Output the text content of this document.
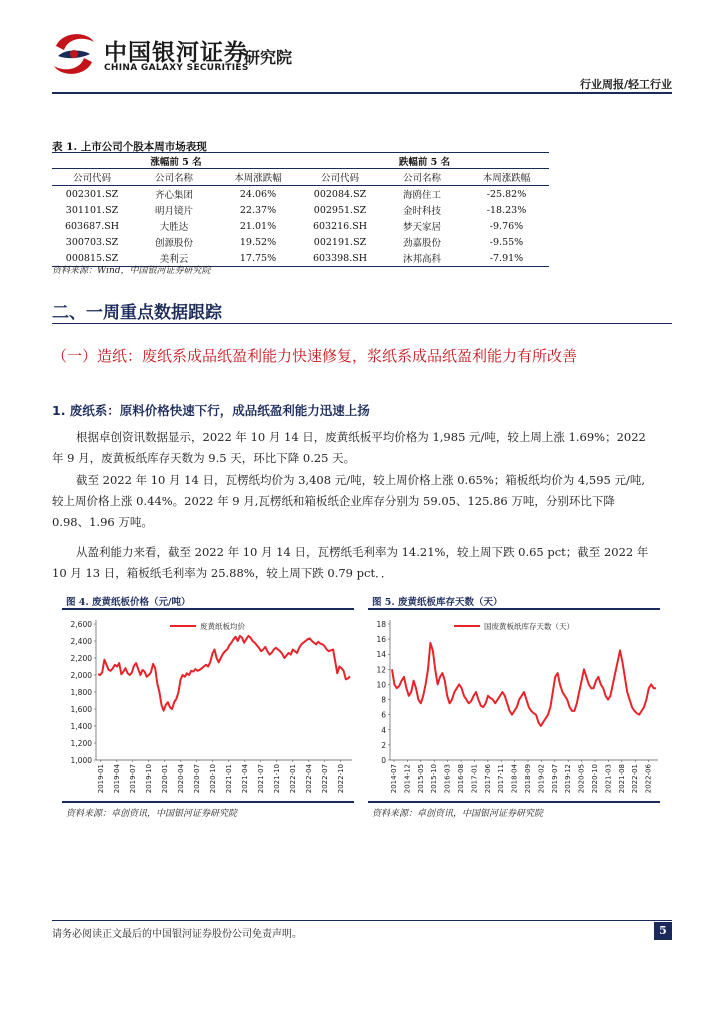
中国银河证券
CHINA GALAXY SECURITIES
研究院
行业周报/轻工行业
表 1. 上市公司个股本周市场表现
涨幅前 5 名			跌幅前 5 名		
公司代码	公司名称	本周涨跌幅	公司代码	公司名称	本周涨跌幅
002301.SZ	齐心集团	24.06%	002084.SZ	海鸥住工	-25.82%
301101.SZ	明月镜片	22.37%	002951.SZ	金时科技	-18.23%
603687.SH	大胜达	21.01%	603216.SH	梦天家居	-9.76%
300703.SZ	创源股份	19.52%	002191.SZ	劲嘉股份	-9.55%
000815.SZ	美利云	17.75%	603398.SH	沐邦高科	-7.91%
资料来源：Wind，中国银河证券研究院
二、一周重点数据跟踪
（一）造纸：废纸系成品纸盈利能力快速修复，浆纸系成品纸盈利能力有所改善
1. 废纸系：原料价格快速下行，成品纸盈利能力迅速上扬
根据卓创资讯数据显示，2022 年 10 月 14 日，废黄纸板平均价格为 1,985 元/吨，较上周上涨 1.69%；2022 年 9 月，废黄板纸库存天数为 9.5 天，环比下降 0.25 天。
截至 2022 年 10 月 14 日，瓦楞纸均价为 3,408 元/吨，较上周价格上涨 0.65%；箱板纸均价为 4,595 元/吨,较上周价格上涨 0.44%。2022 年 9 月,瓦楞纸和箱板纸企业库存分别为 59.05、125.86 万吨，分别环比下降 0.98、1.96 万吨。
从盈利能力来看，截至 2022 年 10 月 14 日，瓦楞纸毛利率为 14.21%，较上周下跌 0.65 pct；截至 2022 年 10 月 13 日，箱板纸毛利率为 25.88%，较上周下跌 0.79 pct．．
图 4. 废黄纸板价格（元/吨）
1,000
1,200
1,400
1,600
1,800
2,000
2,200
2,400
2,600
2019-01 2019-04 2019-07 2019-10 2020-01 2020-04 2020-07 2020-10 2021-01 2021-04 2021-07 2021-10 2022-01 2022-04 2022-07 2022-10
废黄纸板均价
资料来源：卓创资讯，中国银河证券研究院
图 5. 废黄纸板库存天数（天）
0
2
4
6
8
10
12
14
16
18
2014-07 2014-12 2015-05 2015-10 2016-03 2016-08 2017-01 2017-06 2017-11 2018-04 2018-09 2019-02 2019-07 2019-12 2020-05 2020-10 2021-03 2021-08 2022-01 2022-06
国废黄板纸库存天数（天）
资料来源：卓创资讯，中国银河证券研究院
请务必阅读正文最后的中国银河证券股份公司免责声明。	5
